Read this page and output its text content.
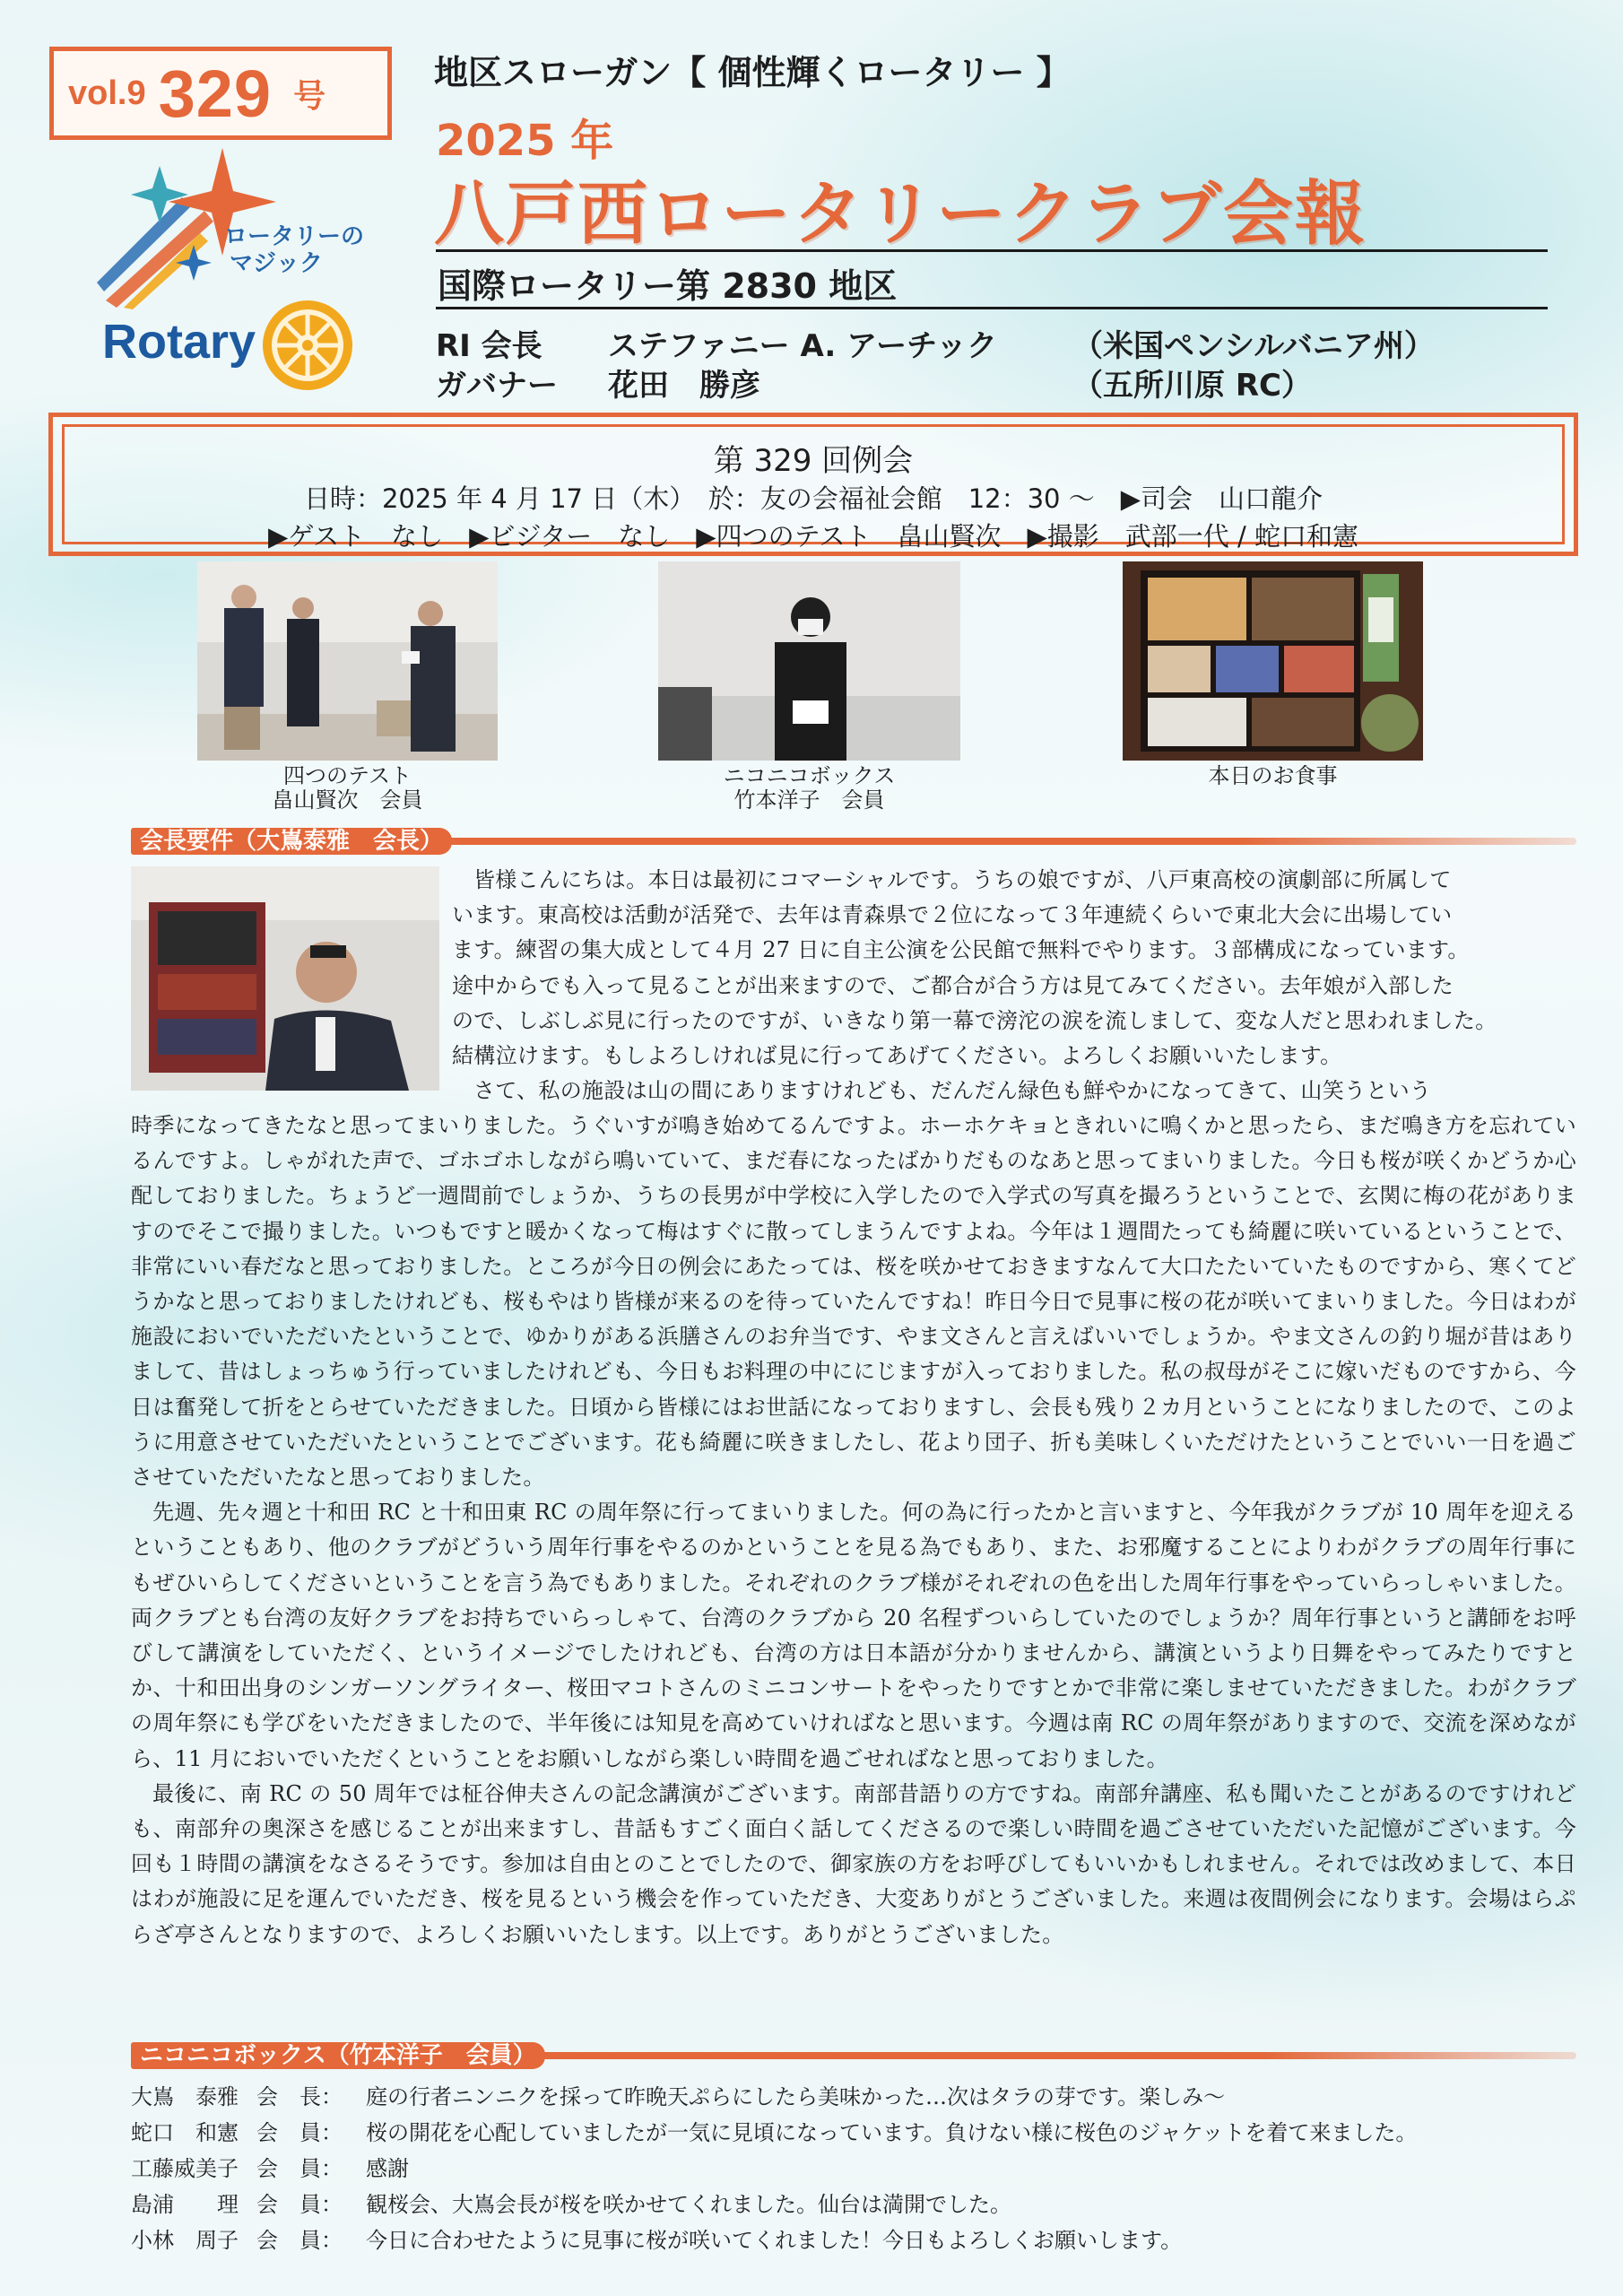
vol.9 329 号
ロータリーの
マジック
Rotary
地区スローガン【 個性輝くロータリー 】
2025 年
八戸西ロータリークラブ会報
国際ロータリー第 2830 地区
RI 会長 ステファニー A. アーチック （米国ペンシルバニア州）
ガバナー 花田　勝彦	（五所川原 RC）
第 329 回例会
日時：2025 年 4 月 17 日（木）　於：友の会福祉会館　12：30 ～　▶司会　山口龍介
▶ゲスト　なし　▶ビジター　なし　▶四つのテスト　畠山賢次　▶撮影　武部一代 / 蛇口和憲
四つのテスト
畠山賢次　会員
ニコニコボックス
竹本洋子　会員
本日のお食事
会長要件（大嶌泰雅　会長）
皆様こんにちは。本日は最初にコマーシャルです。うちの娘ですが、八戸東高校の演劇部に所属して
います。東高校は活動が活発で、去年は青森県で２位になって３年連続くらいで東北大会に出場してい
ます。練習の集大成として４月 27 日に自主公演を公民館で無料でやります。３部構成になっています。
途中からでも入って見ることが出来ますので、ご都合が合う方は見てみてください。去年娘が入部した
ので、しぶしぶ見に行ったのですが、いきなり第一幕で滂沱の涙を流しまして、変な人だと思われました。
結構泣けます。もしよろしければ見に行ってあげてください。よろしくお願いいたします。
さて、私の施設は山の間にありますけれども、だんだん緑色も鮮やかになってきて、山笑うという
時季になってきたなと思ってまいりました。うぐいすが鳴き始めてるんですよ。ホーホケキョときれいに鳴くかと思ったら、まだ鳴き方を忘れているんですよ。しゃがれた声で、ゴホゴホしながら鳴いていて、まだ春になったばかりだものなあと思ってまいりました。今日も桜が咲くかどうか心配しておりました。ちょうど一週間前でしょうか、うちの長男が中学校に入学したので入学式の写真を撮ろうということで、玄関に梅の花がありますのでそこで撮りました。いつもですと暖かくなって梅はすぐに散ってしまうんですよね。今年は１週間たっても綺麗に咲いているということで、非常にいい春だなと思っておりました。ところが今日の例会にあたっては、桜を咲かせておきますなんて大口たたいていたものですから、寒くてどうかなと思っておりましたけれども、桜もやはり皆様が来るのを待っていたんですね！昨日今日で見事に桜の花が咲いてまいりました。今日はわが施設においでいただいたということで、ゆかりがある浜膳さんのお弁当です、やま文さんと言えばいいでしょうか。やま文さんの釣り堀が昔はありまして、昔はしょっちゅう行っていましたけれども、今日もお料理の中ににじますが入っておりました。私の叔母がそこに嫁いだものですから、今日は奮発して折をとらせていただきました。日頃から皆様にはお世話になっておりますし、会長も残り２カ月ということになりましたので、このように用意させていただいたということでございます。花も綺麗に咲きましたし、花より団子、折も美味しくいただけたということでいい一日を過ごさせていただいたなと思っておりました。
先週、先々週と十和田 RC と十和田東 RC の周年祭に行ってまいりました。何の為に行ったかと言いますと、今年我がクラブが 10 周年を迎えるということもあり、他のクラブがどういう周年行事をやるのかということを見る為でもあり、また、お邪魔することによりわがクラブの周年行事にもぜひいらしてくださいということを言う為でもありました。それぞれのクラブ様がそれぞれの色を出した周年行事をやっていらっしゃいました。両クラブとも台湾の友好クラブをお持ちでいらっしゃて、台湾のクラブから 20 名程ずついらしていたのでしょうか？周年行事というと講師をお呼びして講演をしていただく、というイメージでしたけれども、台湾の方は日本語が分かりませんから、講演というより日舞をやってみたりですとか、十和田出身のシンガーソングライター、桜田マコトさんのミニコンサートをやったりですとかで非常に楽しませていただきました。わがクラブの周年祭にも学びをいただきましたので、半年後には知見を高めていければなと思います。今週は南 RC の周年祭がありますので、交流を深めながら、11 月においでいただくということをお願いしながら楽しい時間を過ごせればなと思っておりました。
最後に、南 RC の 50 周年では柾谷伸夫さんの記念講演がございます。南部昔語りの方ですね。南部弁講座、私も聞いたことがあるのですけれども、南部弁の奥深さを感じることが出来ますし、昔話もすごく面白く話してくださるので楽しい時間を過ごさせていただいた記憶がございます。今回も１時間の講演をなさるそうです。参加は自由とのことでしたので、御家族の方をお呼びしてもいいかもしれません。それでは改めまして、本日はわが施設に足を運んでいただき、桜を見るという機会を作っていただき、大変ありがとうございました。来週は夜間例会になります。会場はらぷらざ亭さんとなりますので、よろしくお願いいたします。以上です。ありがとうございました。
ニコニコボックス（竹本洋子　会員）
大嶌　泰雅 会　長： 庭の行者ニンニクを採って昨晩天ぷらにしたら美味かった…次はタラの芽です。楽しみ～
蛇口　和憲 会　員： 桜の開花を心配していましたが一気に見頃になっています。負けない様に桜色のジャケットを着て来ました。
工藤威美子 会　員： 感謝
島浦　　理 会　員： 観桜会、大嶌会長が桜を咲かせてくれました。仙台は満開でした。
小林　周子 会　員： 今日に合わせたように見事に桜が咲いてくれました！今日もよろしくお願いします。
